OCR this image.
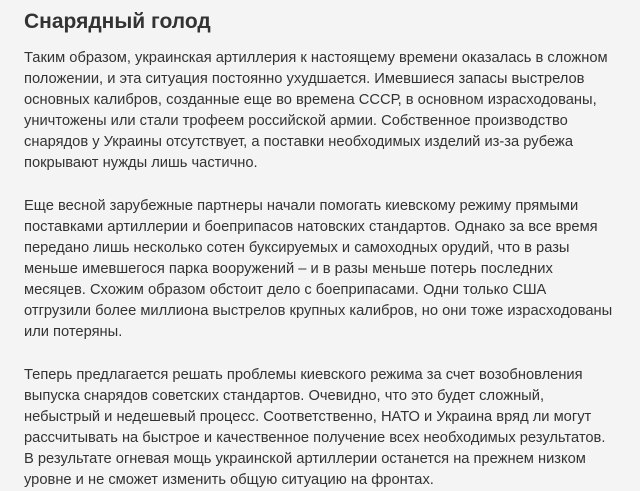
Снарядный голод

Таким образом, украинская артиллерия к настоящему времени оказалась в сложном положении, и эта ситуация постоянно ухудшается. Имевшиеся запасы выстрелов основных калибров, созданные еще во времена СССР, в основном израсходованы, уничтожены или стали трофеем российской армии. Собственное производство снарядов у Украины отсутствует, а поставки необходимых изделий из-за рубежа покрывают нужды лишь частично.

Еще весной зарубежные партнеры начали помогать киевскому режиму прямыми поставками артиллерии и боеприпасов натовских стандартов. Однако за все время передано лишь несколько сотен буксируемых и самоходных орудий, что в разы меньше имевшегося парка вооружений – и в разы меньше потерь последних месяцев. Схожим образом обстоит дело с боеприпасами. Одни только США отгрузили более миллиона выстрелов крупных калибров, но они тоже израсходованы или потеряны.

Теперь предлагается решать проблемы киевского режима за счет возобновления выпуска снарядов советских стандартов. Очевидно, что это будет сложный, небыстрый и недешевый процесс. Соответственно, НАТО и Украина вряд ли могут рассчитывать на быстрое и качественное получение всех необходимых результатов. В результате огневая мощь украинской артиллерии останется на прежнем низком уровне и не сможет изменить общую ситуацию на фронтах.
